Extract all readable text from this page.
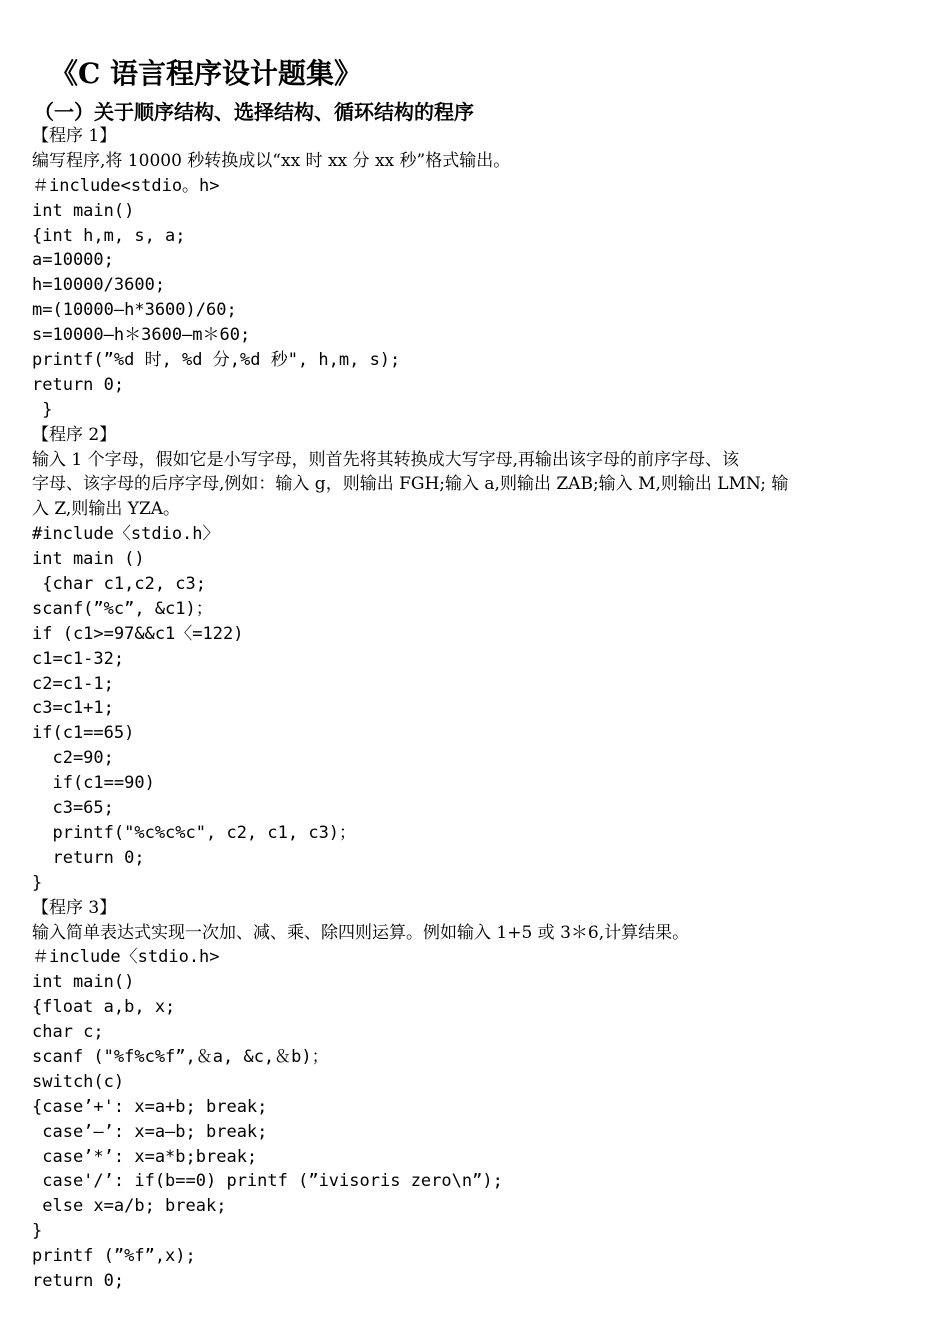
《C 语言程序设计题集》
（一）关于顺序结构、选择结构、循环结构的程序
【程序 1】
编写程序,将 10000 秒转换成以“xx 时 xx 分 xx 秒”格式输出。
＃include<stdio。h>
int main()
{int h,m, s, a;
a=10000;
h=10000/3600;
m=(10000—h*3600)/60;
s=10000—h＊3600—m＊60;
printf(”%d 时, %d 分,%d 秒", h,m, s);
return 0;
}
【程序 2】
输入 1 个字母，假如它是小写字母，则首先将其转换成大写字母,再输出该字母的前序字母、该
字母、该字母的后序字母,例如：输入 g，则输出 FGH;输入 a,则输出 ZAB;输入 M,则输出 LMN; 输
入 Z,则输出 YZA。
#include〈stdio.h〉
int main ()
{char c1,c2, c3;
scanf(”%c”, &c1)；
if (c1>=97&&c1〈=122)
c1=c1-32;
c2=c1-1;
c3=c1+1;
if(c1==65)
c2=90;
if(c1==90)
c3=65;
printf("%c%c%c", c2, c1, c3)；
return 0;
}
【程序 3】
输入简单表达式实现一次加、减、乘、除四则运算。例如输入 1+5 或 3＊6,计算结果。
＃include〈stdio.h>
int main()
{float a,b, x;
char c;
scanf ("%f%c%f”,＆a, &c,＆b)；
switch(c)
{case’+': x=a+b; break;
case’—’: x=a—b; break;
case’*’: x=a*b;break;
case'/’: if(b==0) printf (”ivisoris zero\n”);
else x=a/b; break;
}
printf (”%f”,x);
return 0;
